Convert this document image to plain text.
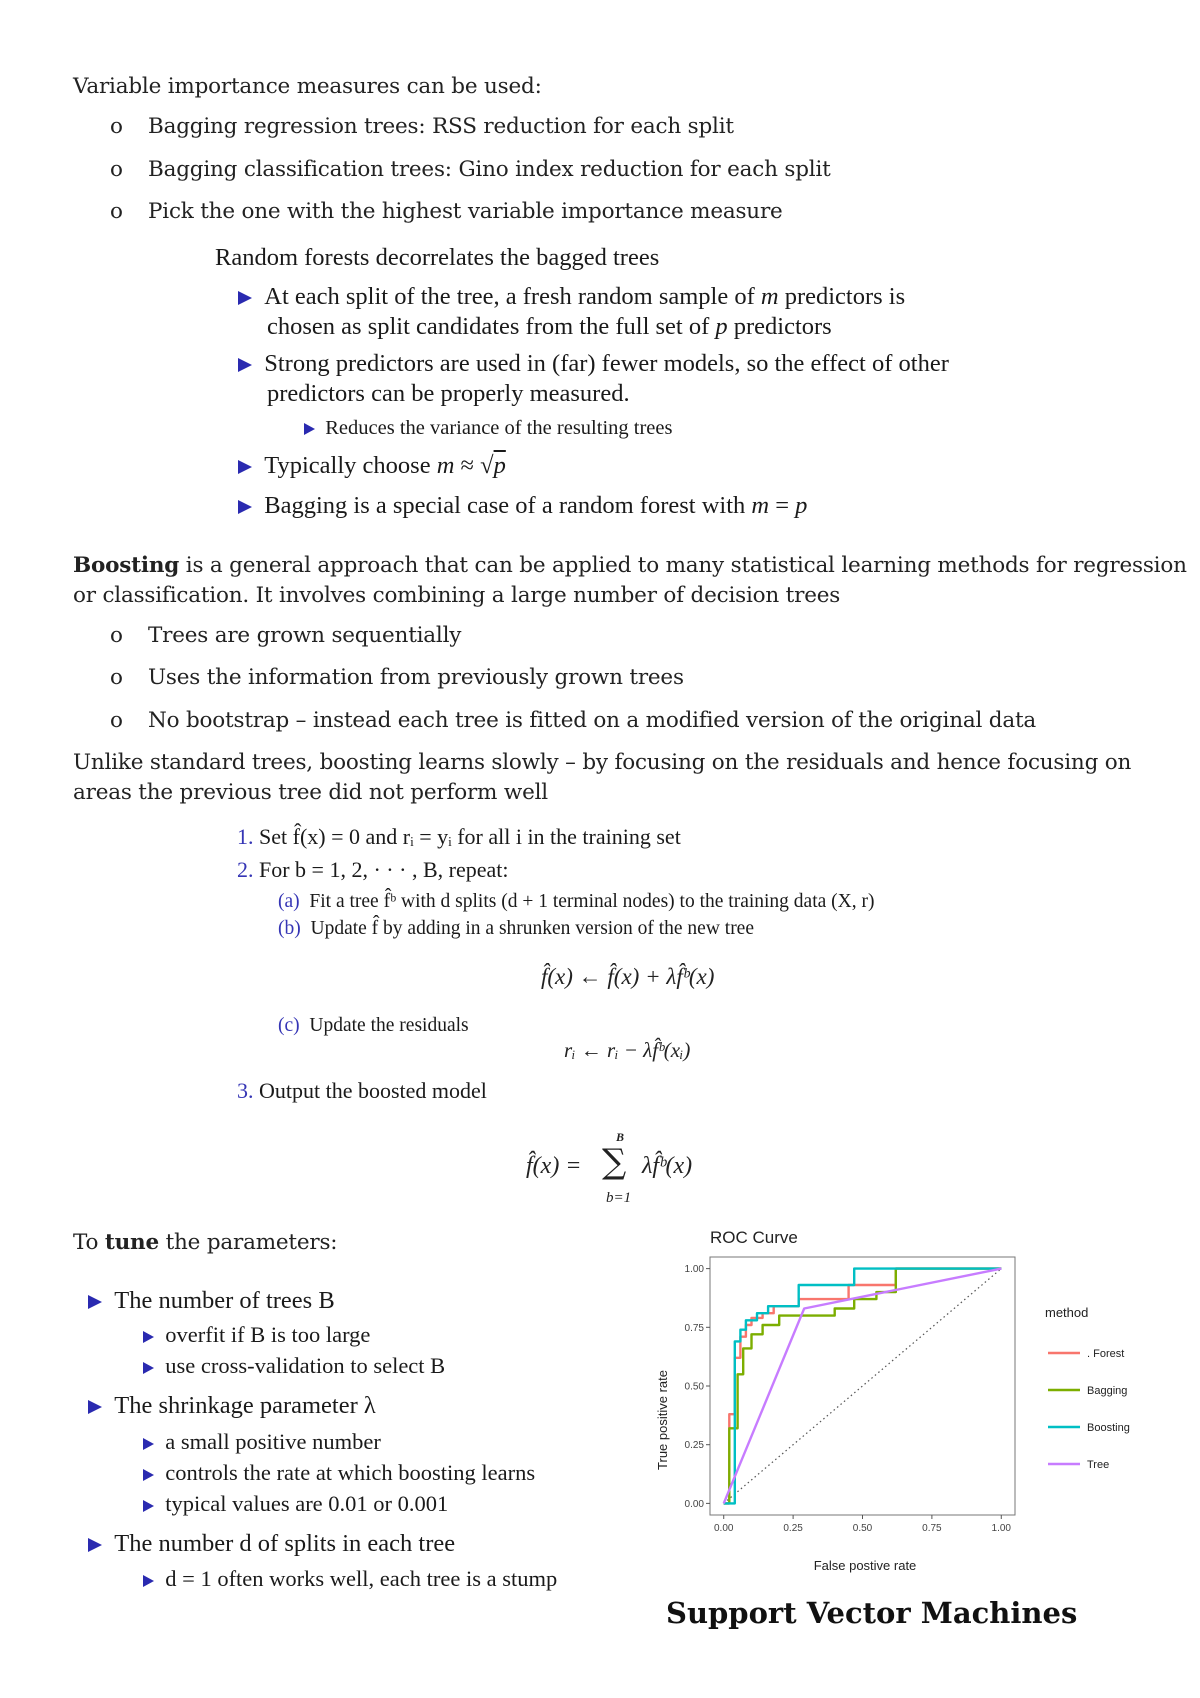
Variable importance measures can be used:
o Bagging regression trees: RSS reduction for each split
o Bagging classification trees: Gino index reduction for each split
o Pick the one with the highest variable importance measure
Random forests decorrelates the bagged trees
At each split of the tree, a fresh random sample of m predictors is
chosen as split candidates from the full set of p predictors
Strong predictors are used in (far) fewer models, so the effect of other
predictors can be properly measured.
Reduces the variance of the resulting trees
Typically choose m ≈ √p
Bagging is a special case of a random forest with m = p
Boosting is a general approach that can be applied to many statistical learning methods for regression
or classification. It involves combining a large number of decision trees
o Trees are grown sequentially
o Uses the information from previously grown trees
o No bootstrap – instead each tree is fitted on a modified version of the original data
Unlike standard trees, boosting learns slowly – by focusing on the residuals and hence focusing on
areas the previous tree did not perform well
1. Set f̂(x) = 0 and rᵢ = yᵢ for all i in the training set
2. For b = 1, 2, · · · , B, repeat:
(a) Fit a tree f̂ᵇ with d splits (d + 1 terminal nodes) to the training data (X, r)
(b) Update f̂ by adding in a shrunken version of the new tree
f̂(x) ← f̂(x) + λf̂ᵇ(x)
(c) Update the residuals
rᵢ ← rᵢ − λf̂ᵇ(xᵢ)
3. Output the boosted model
f̂(x) =
B
∑
b=1
λf̂ᵇ(x)
To tune the parameters:
The number of trees B
overfit if B is too large
use cross-validation to select B
The shrinkage parameter λ
a small positive number
controls the rate at which boosting learns
typical values are 0.01 or 0.001
The number d of splits in each tree
d = 1 often works well, each tree is a stump
ROC Curve
0.00
0.00
0.25
0.25
0.50
0.50
0.75
0.75
1.00
1.00
False postive rate
True positive rate
method
. Forest
Bagging
Boosting
Tree
Support Vector Machines
